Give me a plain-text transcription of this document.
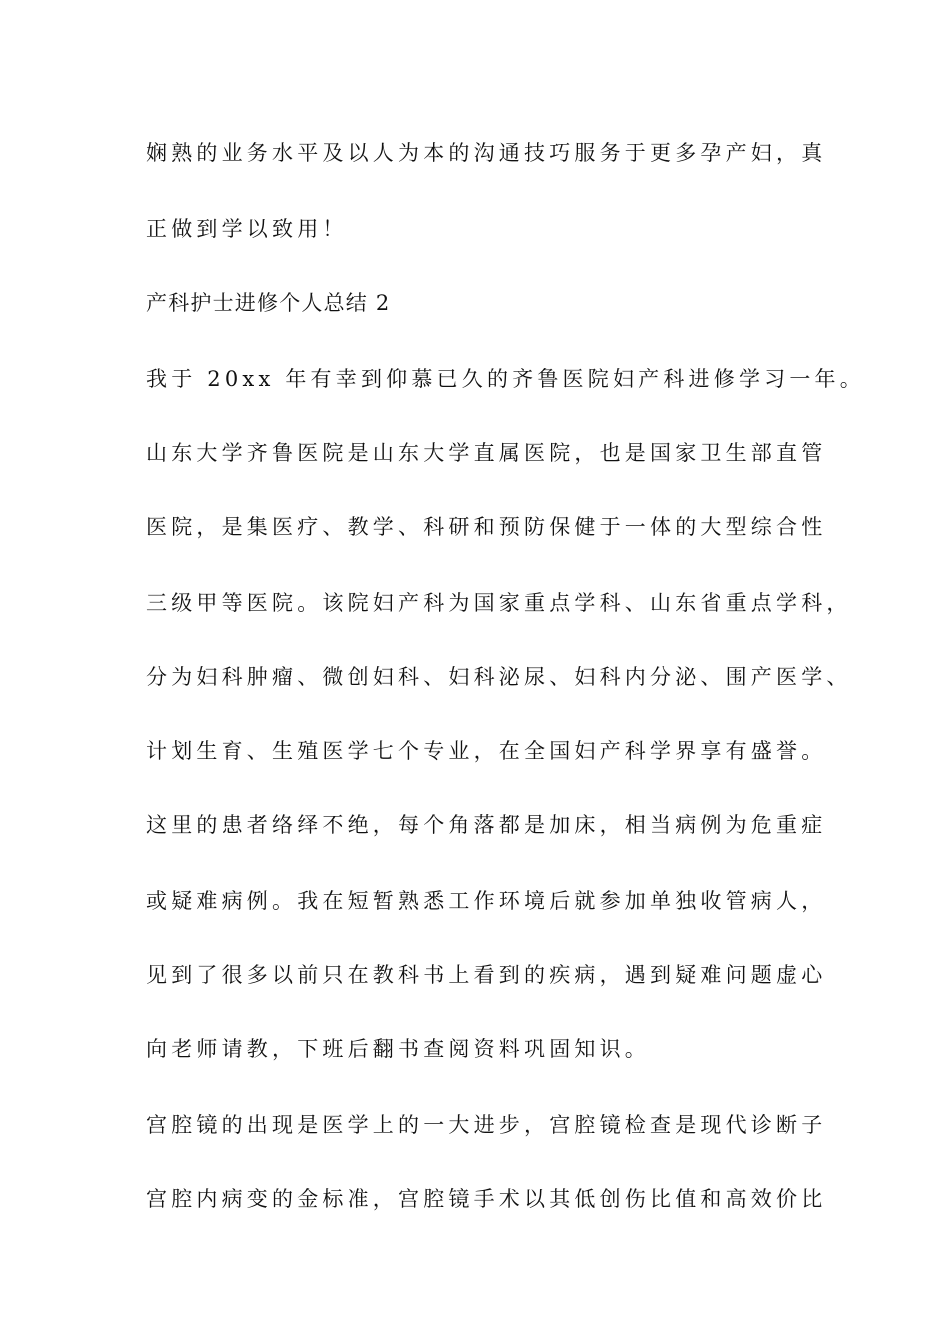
娴熟的业务水平及以人为本的沟通技巧服务于更多孕产妇，真
正做到学以致用！
产科护士进修个人总结 2
我于 20xx 年有幸到仰慕已久的齐鲁医院妇产科进修学习一年。
山东大学齐鲁医院是山东大学直属医院，也是国家卫生部直管
医院，是集医疗、教学、科研和预防保健于一体的大型综合性
三级甲等医院。该院妇产科为国家重点学科、山东省重点学科，
分为妇科肿瘤、微创妇科、妇科泌尿、妇科内分泌、围产医学、
计划生育、生殖医学七个专业，在全国妇产科学界享有盛誉。
这里的患者络绎不绝，每个角落都是加床，相当病例为危重症
或疑难病例。我在短暂熟悉工作环境后就参加单独收管病人，
见到了很多以前只在教科书上看到的疾病，遇到疑难问题虚心
向老师请教，下班后翻书查阅资料巩固知识。
宫腔镜的出现是医学上的一大进步，宫腔镜检查是现代诊断子
宫腔内病变的金标准，宫腔镜手术以其低创伤比值和高效价比
